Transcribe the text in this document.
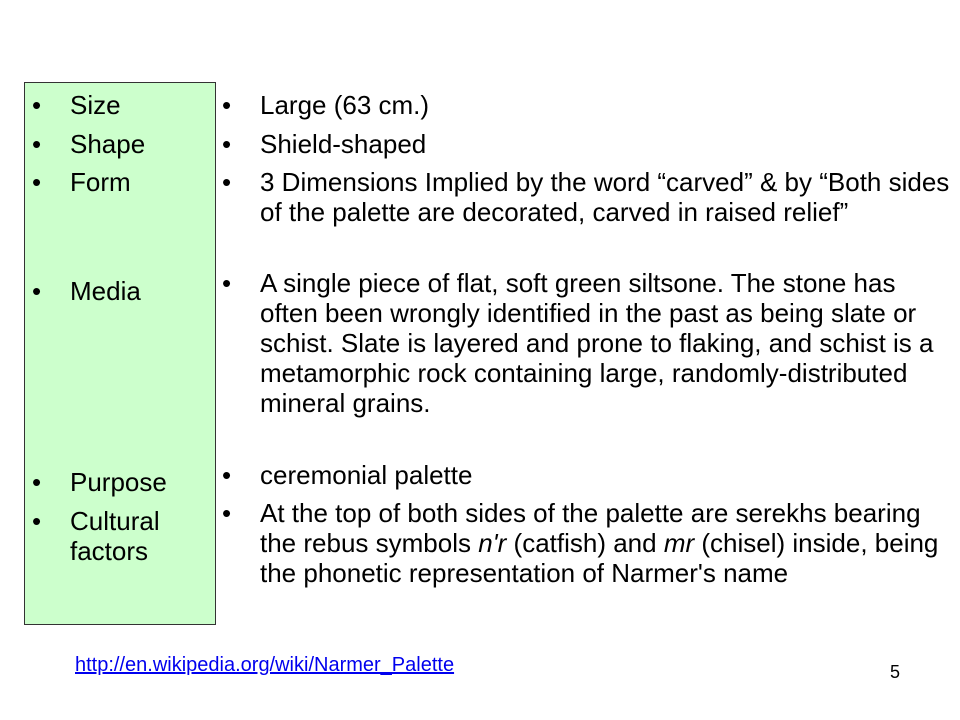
• Size
• Shape
• Form
• Media
• Purpose
• Cultural factors
• Large (63 cm.)
• Shield-shaped
• 3 Dimensions Implied by the word “carved” & by “Both sides of the palette are decorated, carved in raised relief”
• A single piece of flat, soft green siltsone. The stone has often been wrongly identified in the past as being slate or schist. Slate is layered and prone to flaking, and schist is a metamorphic rock containing large, randomly-distributed mineral grains.
• ceremonial palette
• At the top of both sides of the palette are serekhs bearing the rebus symbols n'r (catfish) and mr (chisel) inside, being the phonetic representation of Narmer's name
http://en.wikipedia.org/wiki/Narmer_Palette	5
